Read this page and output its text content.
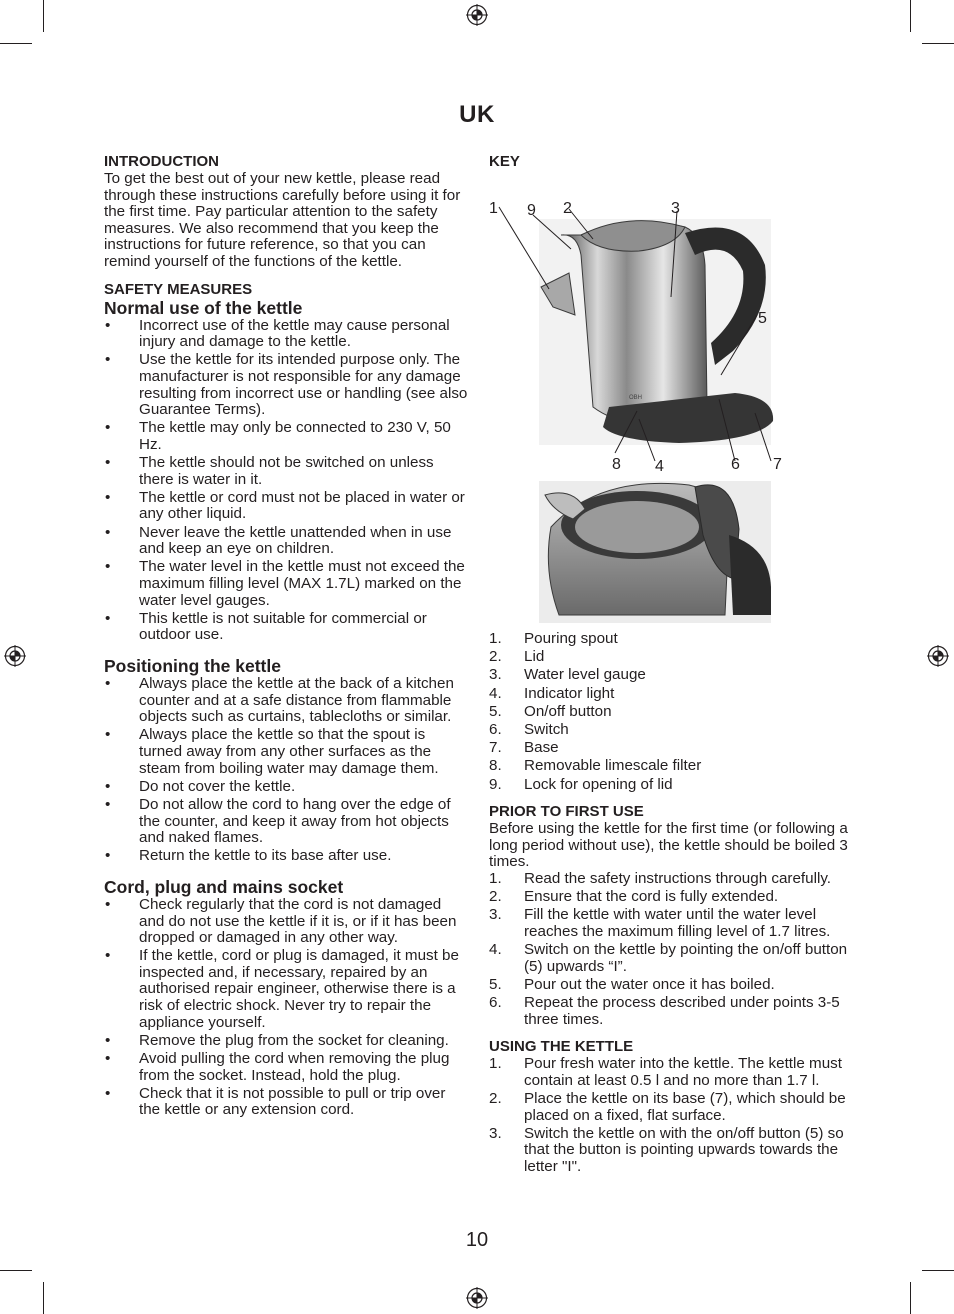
UK
INTRODUCTION

To get the best out of your new kettle, please read through these instructions carefully before using it for the first time. Pay particular attention to the safety measures. We also recommend that you keep the instructions for future reference, so that you can remind yourself of the functions of the kettle.

SAFETY MEASURES
Normal use of the kettle
• Incorrect use of the kettle may cause personal injury and damage to the kettle.
• Use the kettle for its intended purpose only. The manufacturer is not responsible for any damage resulting from incorrect use or handling (see also Guarantee Terms).
• The kettle may only be connected to 230 V, 50 Hz.
• The kettle should not be switched on unless there is water in it.
• The kettle or cord must not be placed in water or any other liquid.
• Never leave the kettle unattended when in use and keep an eye on children.
• The water level in the kettle must not exceed the maximum filling level (MAX 1.7L) marked on the water level gauges.
• This kettle is not suitable for commercial or outdoor use.
Positioning the kettle
• Always place the kettle at the back of a kitchen counter and at a safe distance from flammable objects such as curtains, tablecloths or similar.
• Always place the kettle so that the spout is turned away from any other surfaces as the steam from boiling water may damage them.
• Do not cover the kettle.
• Do not allow the cord to hang over the edge of the counter, and keep it away from hot objects and naked flames.
• Return the kettle to its base after use.
Cord, plug and mains socket
• Check regularly that the cord is not damaged and do not use the kettle if it is, or if it has been dropped or damaged in any other way.
• If the kettle, cord or plug is damaged, it must be inspected and, if necessary, repaired by an authorised repair engineer, otherwise there is a risk of electric shock. Never try to repair the appliance yourself.
• Remove the plug from the socket for cleaning.
• Avoid pulling the cord when removing the plug from the socket. Instead, hold the plug.
• Check that it is not possible to pull or trip over the kettle or any extension cord.
KEY
OBH
1 9 2	3
5
8 4	6 7
1. Pouring spout
2. Lid
3. Water level gauge
4. Indicator light
5. On/off button
6. Switch
7. Base
8. Removable limescale filter
9. Lock for opening of lid
PRIOR TO FIRST USE

Before using the kettle for the first time (or following a long period without use), the kettle should be boiled 3 times.

1. Read the safety instructions through carefully.
2. Ensure that the cord is fully extended.
3. Fill the kettle with water until the water level reaches the maximum filling level of 1.7 litres.
4. Switch on the kettle by pointing the on/off button (5) upwards “I”.
5. Pour out the water once it has boiled.
6. Repeat the process described under points 3-5 three times.
USING THE KETTLE
1. Pour fresh water into the kettle. The kettle must contain at least 0.5 l and no more than 1.7 l.
2. Place the kettle on its base (7), which should be placed on a fixed, flat surface.
3. Switch the kettle on with the on/off button (5) so that the button is pointing upwards towards the letter "I".
10
